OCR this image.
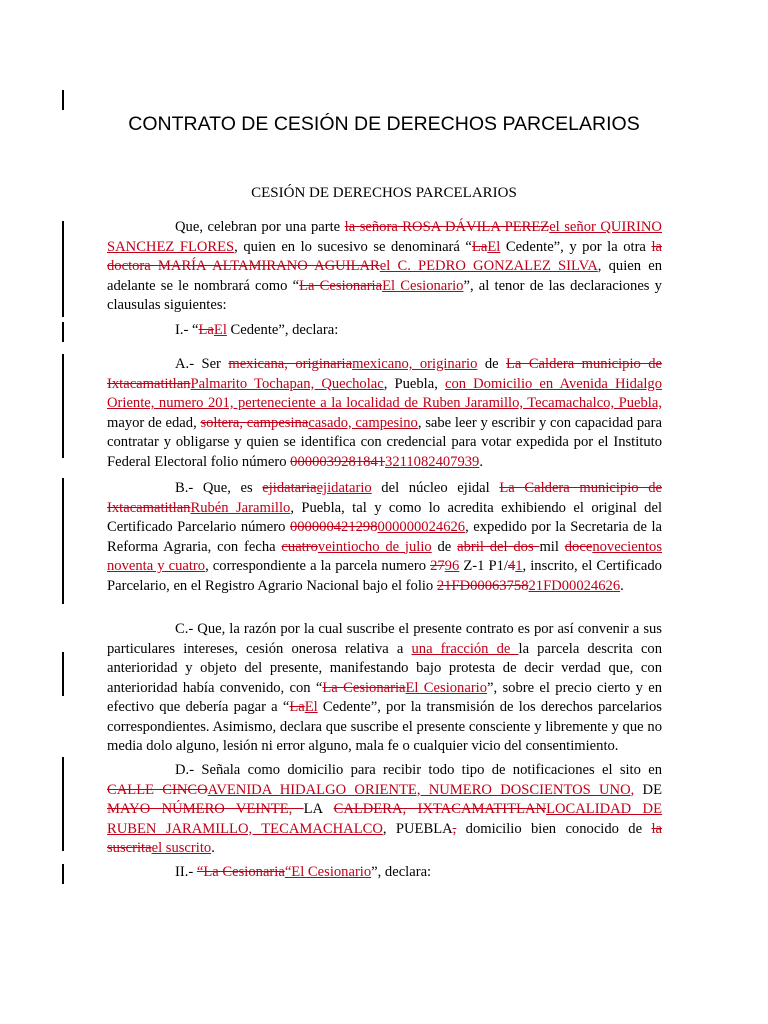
CONTRATO DE CESIÓN DE DERECHOS PARCELARIOS
CESIÓN DE DERECHOS PARCELARIOS
Que, celebran por una parte la señora ROSA DÁVILA PEREZel señor QUIRINO SANCHEZ FLORES, quien en lo sucesivo se denominará “LaEl Cedente”, y por la otra la doctora MARÍA ALTAMIRANO AGUILARel C. PEDRO GONZALEZ SILVA, quien en adelante se le nombrará como “La CesionariaEl Cesionario”, al tenor de las declaraciones y clausulas siguientes:
I.- “LaEl Cedente”, declara:
A.- Ser mexicana, originariamexicano, originario de La Caldera municipio de IxtacamatitlanPalmarito Tochapan, Quecholac, Puebla, con Domicilio en Avenida Hidalgo Oriente, numero 201, perteneciente a la localidad de Ruben Jaramillo, Tecamachalco, Puebla, mayor de edad, soltera, campesinacasado, campesino, sabe leer y escribir y con capacidad para contratar y obligarse y quien se identifica con credencial para votar expedida por el Instituto Federal Electoral folio número 00000392818413211082407939.
B.- Que, es ejidatariaejidatario del núcleo ejidal La Caldera municipio de IxtacamatitlanRubén Jaramillo, Puebla, tal y como lo acredita exhibiendo el original del Certificado Parcelario número 000000421298000000024626, expedido por la Secretaria de la Reforma Agraria, con fecha cuatroveintiocho de julio de abril del dos mil docenovecientos noventa y cuatro, correspondiente a la parcela numero 2796 Z-1 P1/41, inscrito, el Certificado Parcelario, en el Registro Agrario Nacional bajo el folio 21FD0006375821FD00024626.
C.- Que, la razón por la cual suscribe el presente contrato es por así convenir a sus particulares intereses, cesión onerosa relativa a una fracción de la parcela descrita con anterioridad y objeto del presente, manifestando bajo protesta de decir verdad que, con anterioridad había convenido, con “La CesionariaEl Cesionario”, sobre el precio cierto y en efectivo que debería pagar a “LaEl Cedente”, por la transmisión de los derechos parcelarios correspondientes. Asimismo, declara que suscribe el presente consciente y libremente y que no media dolo alguno, lesión ni error alguno, mala fe o cualquier vicio del consentimiento.
D.- Señala como domicilio para recibir todo tipo de notificaciones el sito en CALLE CINCOAVENIDA HIDALGO ORIENTE, NUMERO DOSCIENTOS UNO, DE MAYO NÚMERO VEINTE, LA CALDERA, IXTACAMATITLANLOCALIDAD DE RUBEN JARAMILLO, TECAMACHALCO, PUEBLA, domicilio bien conocido de la suscritael suscrito.
II.- “La Cesionaria“El Cesionario”, declara:
